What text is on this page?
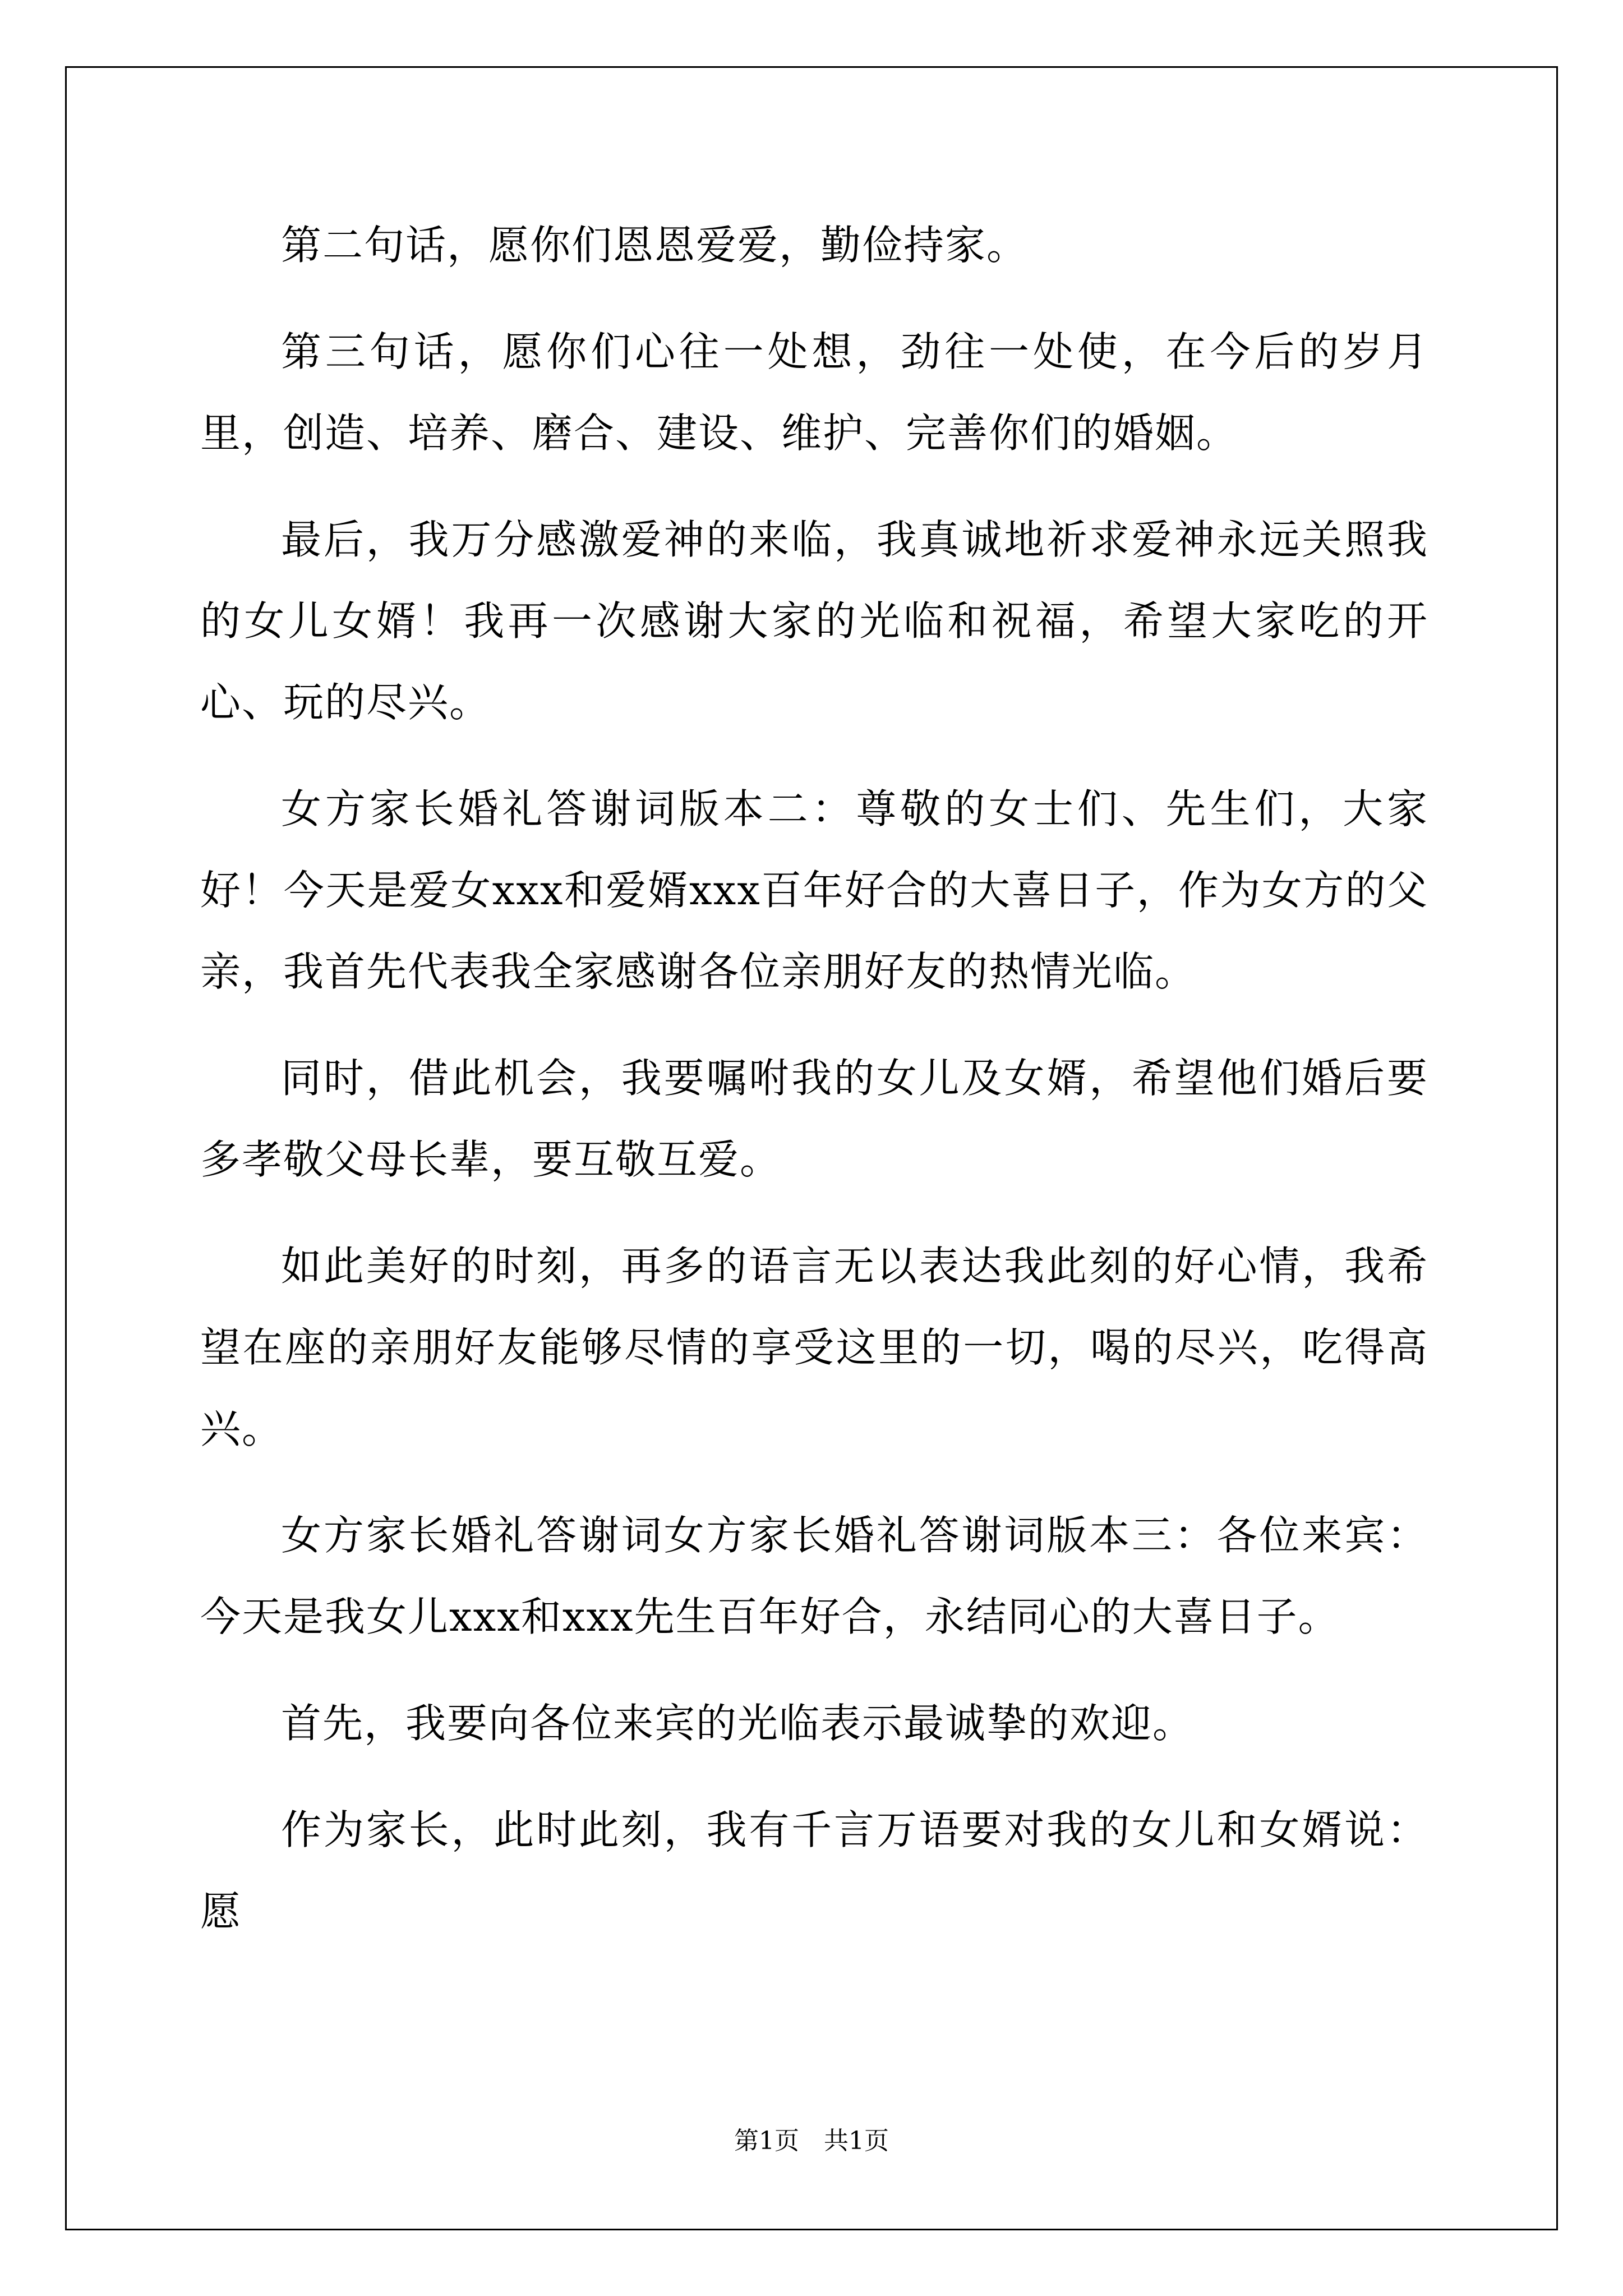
第二句话，愿你们恩恩爱爱，勤俭持家。

第三句话，愿你们心往一处想，劲往一处使，在今后的岁月里，创造、培养、磨合、建设、维护、完善你们的婚姻。

最后，我万分感激爱神的来临，我真诚地祈求爱神永远关照我的女儿女婿！我再一次感谢大家的光临和祝福，希望大家吃的开心、玩的尽兴。

女方家长婚礼答谢词版本二：尊敬的女士们、先生们，大家好！今天是爱女xxx和爱婿xxx百年好合的大喜日子，作为女方的父亲，我首先代表我全家感谢各位亲朋好友的热情光临。

同时，借此机会，我要嘱咐我的女儿及女婿，希望他们婚后要多孝敬父母长辈，要互敬互爱。

如此美好的时刻，再多的语言无以表达我此刻的好心情，我希望在座的亲朋好友能够尽情的享受这里的一切，喝的尽兴，吃得高兴。

女方家长婚礼答谢词女方家长婚礼答谢词版本三：各位来宾：今天是我女儿xxx和xxx先生百年好合，永结同心的大喜日子。

首先，我要向各位来宾的光临表示最诚挚的欢迎。

作为家长，此时此刻，我有千言万语要对我的女儿和女婿说：愿

第1页　共1页
